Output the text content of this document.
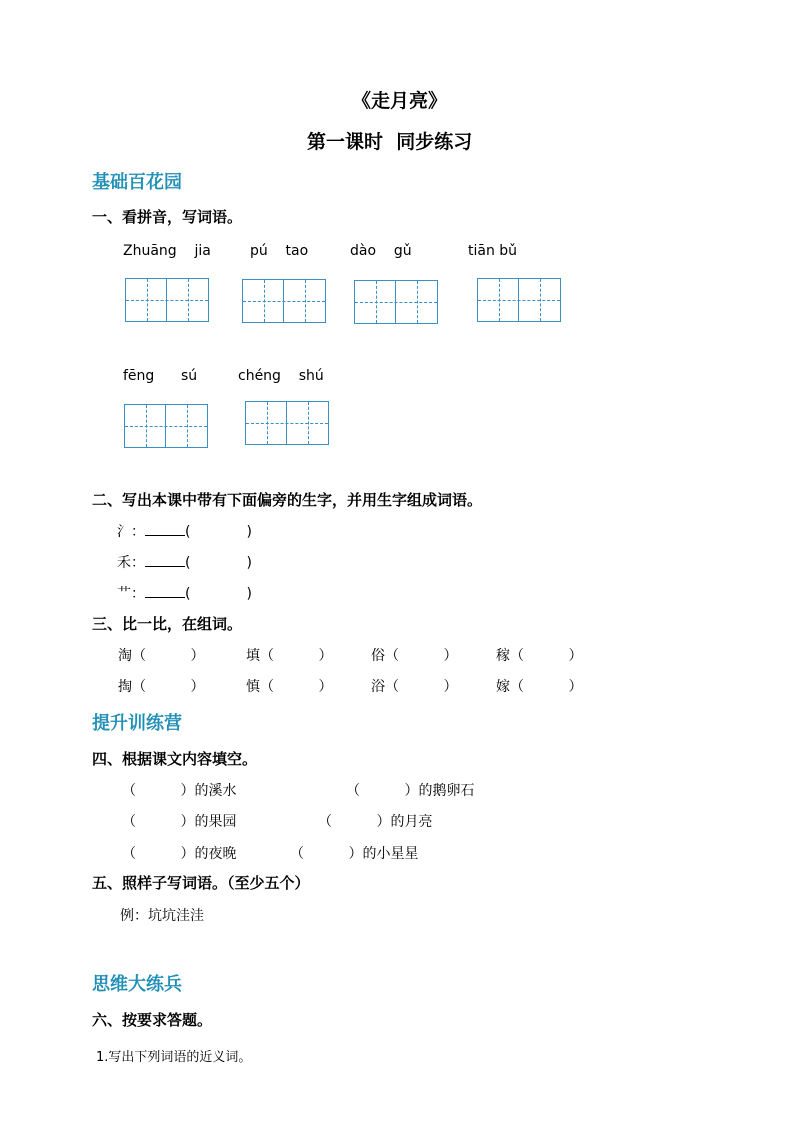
《走月亮》
第一课时  同步练习
基础百花园
一、看拼音，写词语。
Zhuāng    jia	pú    tao	dào    gǔ	tiān bǔ
fēng      sú	chéng    shú
二、写出本课中带有下面偏旁的生字，并用生字组成词语。
氵：	(	)
禾：	(	)
艹：	(	)
三、比一比，在组词。
淘（          ）	填（          ）	俗（          ）	稼（          ）
掏（          ）	慎（          ）	浴（          ）	嫁（          ）
提升训练营
四、根据课文内容填空。
（          ）的溪水	（          ）的鹅卵石
（          ）的果园	（          ）的月亮
（          ）的夜晚	（          ）的小星星
五、照样子写词语。（至少五个）
例：坑坑洼洼
思维大练兵
六、按要求答题。
1.写出下列词语的近义词。
